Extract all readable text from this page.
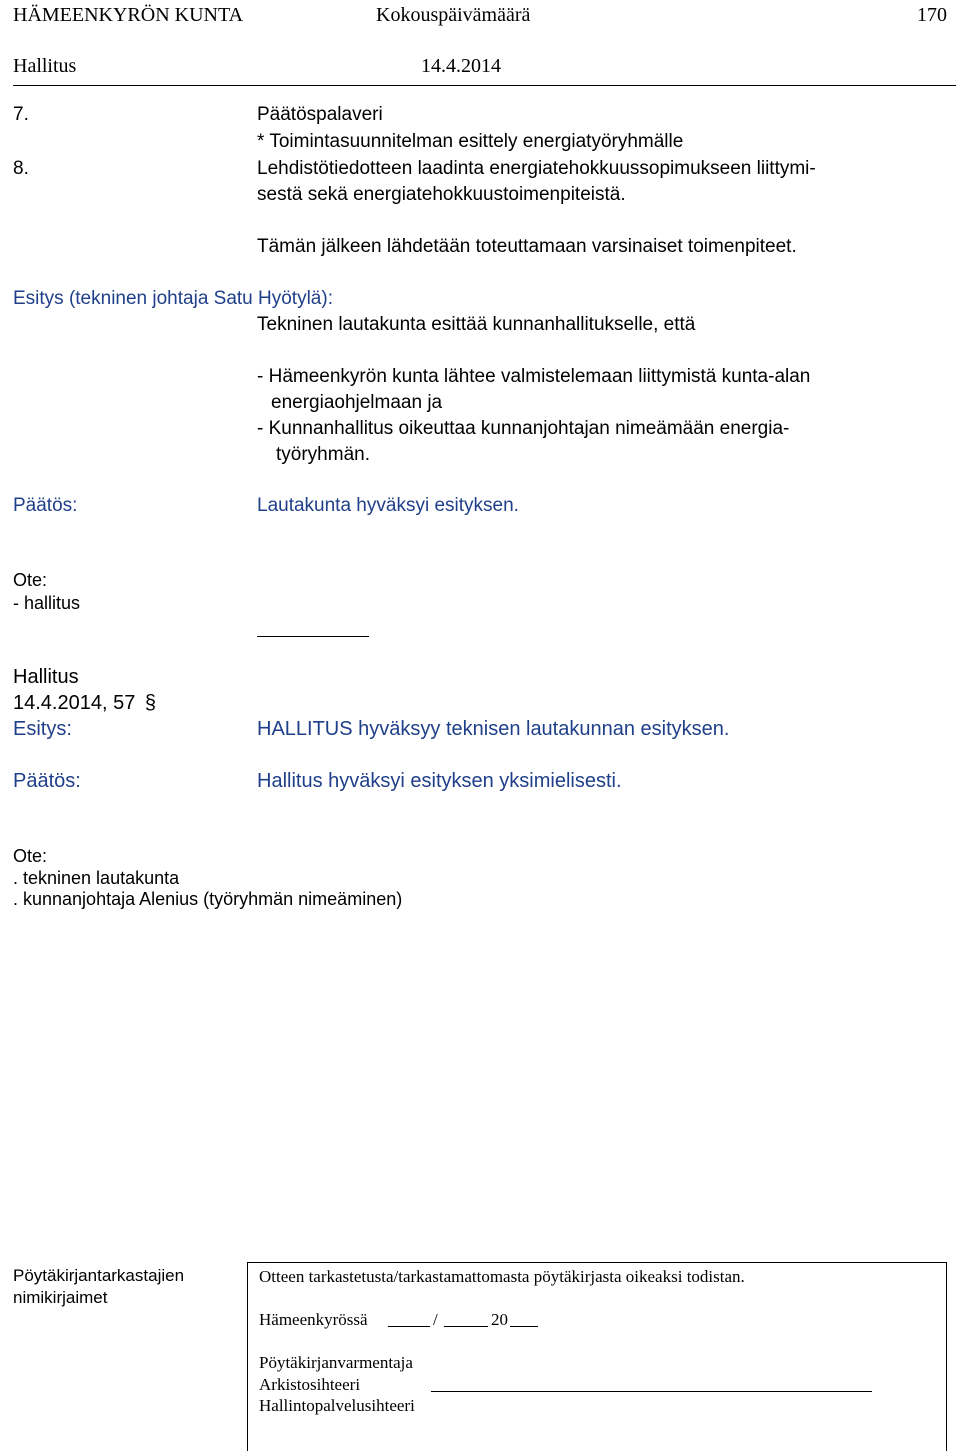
HÄMEENKYRÖN KUNTA	Kokouspäivämäärä	170
Hallitus	14.4.2014
7.	Päätöspalaveri
* Toimintasuunnitelman esittely energiatyöryhmälle
8.	Lehdistötiedotteen laadinta energiatehokkuussopimukseen liittymi-
sestä sekä energiatehokkuustoimenpiteistä.
Tämän jälkeen lähdetään toteuttamaan varsinaiset toimenpiteet.
Esitys (tekninen johtaja Satu Hyötylä):
Tekninen lautakunta esittää kunnanhallitukselle, että
- Hämeenkyrön kunta lähtee valmistelemaan liittymistä kunta-alan
energiaohjelmaan ja
- Kunnanhallitus oikeuttaa kunnanjohtajan nimeämään energia-
työryhmän.
Päätös:	Lautakunta hyväksyi esityksen.
Ote:
- hallitus
Hallitus
14.4.2014, 57 §
Esitys:	HALLITUS hyväksyy teknisen lautakunnan esityksen.
Päätös:	Hallitus hyväksyi esityksen yksimielisesti.
Ote:
. tekninen lautakunta
. kunnanjohtaja Alenius (työryhmän nimeäminen)
Pöytäkirjantarkastajien
nimikirjaimet
Otteen tarkastetusta/tarkastamattomasta pöytäkirjasta oikeaksi todistan.
Hämeenkyrössä	/	20
Pöytäkirjanvarmentaja
Arkistosihteeri
Hallintopalvelusihteeri
